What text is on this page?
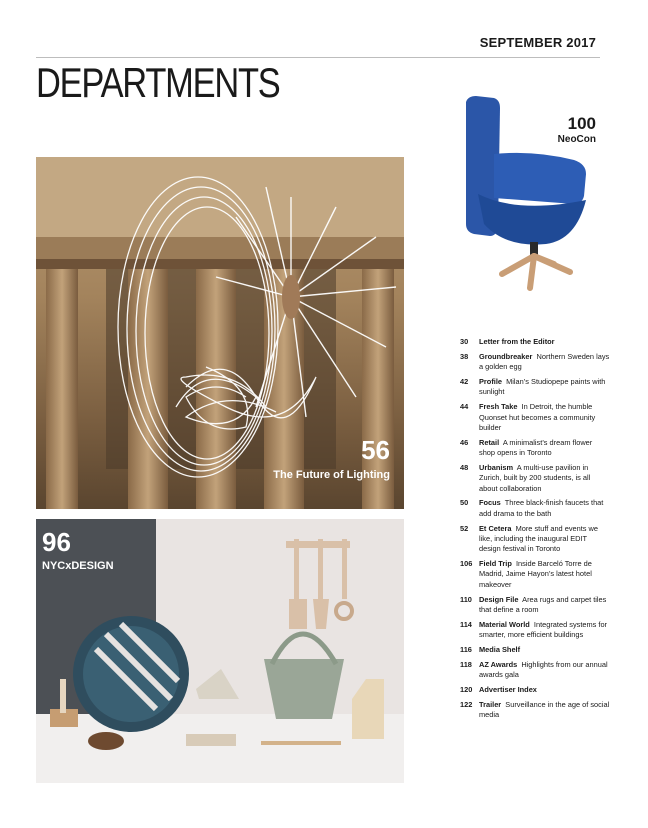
SEPTEMBER 2017
DEPARTMENTS
56
The Future of Lighting
96
NYCxDESIGN
100
NeoCon
30	Letter from the Editor
38	Groundbreaker Northern Sweden lays a golden egg
42	Profile Milan’s Studiopepe paints with sunlight
44	Fresh Take In Detroit, the humble Quonset hut becomes a community builder
46	Retail A minimalist’s dream flower shop opens in Toronto
48	Urbanism A multi-use pavilion in Zurich, built by 200 students, is all about collaboration
50	Focus Three black-finish faucets that add drama to the bath
52	Et Cetera More stuff and events we like, including the inaugural EDIT design festival in Toronto
106 Field Trip Inside Barceló Torre de Madrid, Jaime Hayon’s latest hotel makeover
110 Design File Area rugs and carpet tiles that define a room
114 Material World Integrated systems for smarter, more efficient buildings
116 Media Shelf
118 AZ Awards Highlights from our annual awards gala
120 Advertiser Index
122 Trailer Surveillance in the age of social media
